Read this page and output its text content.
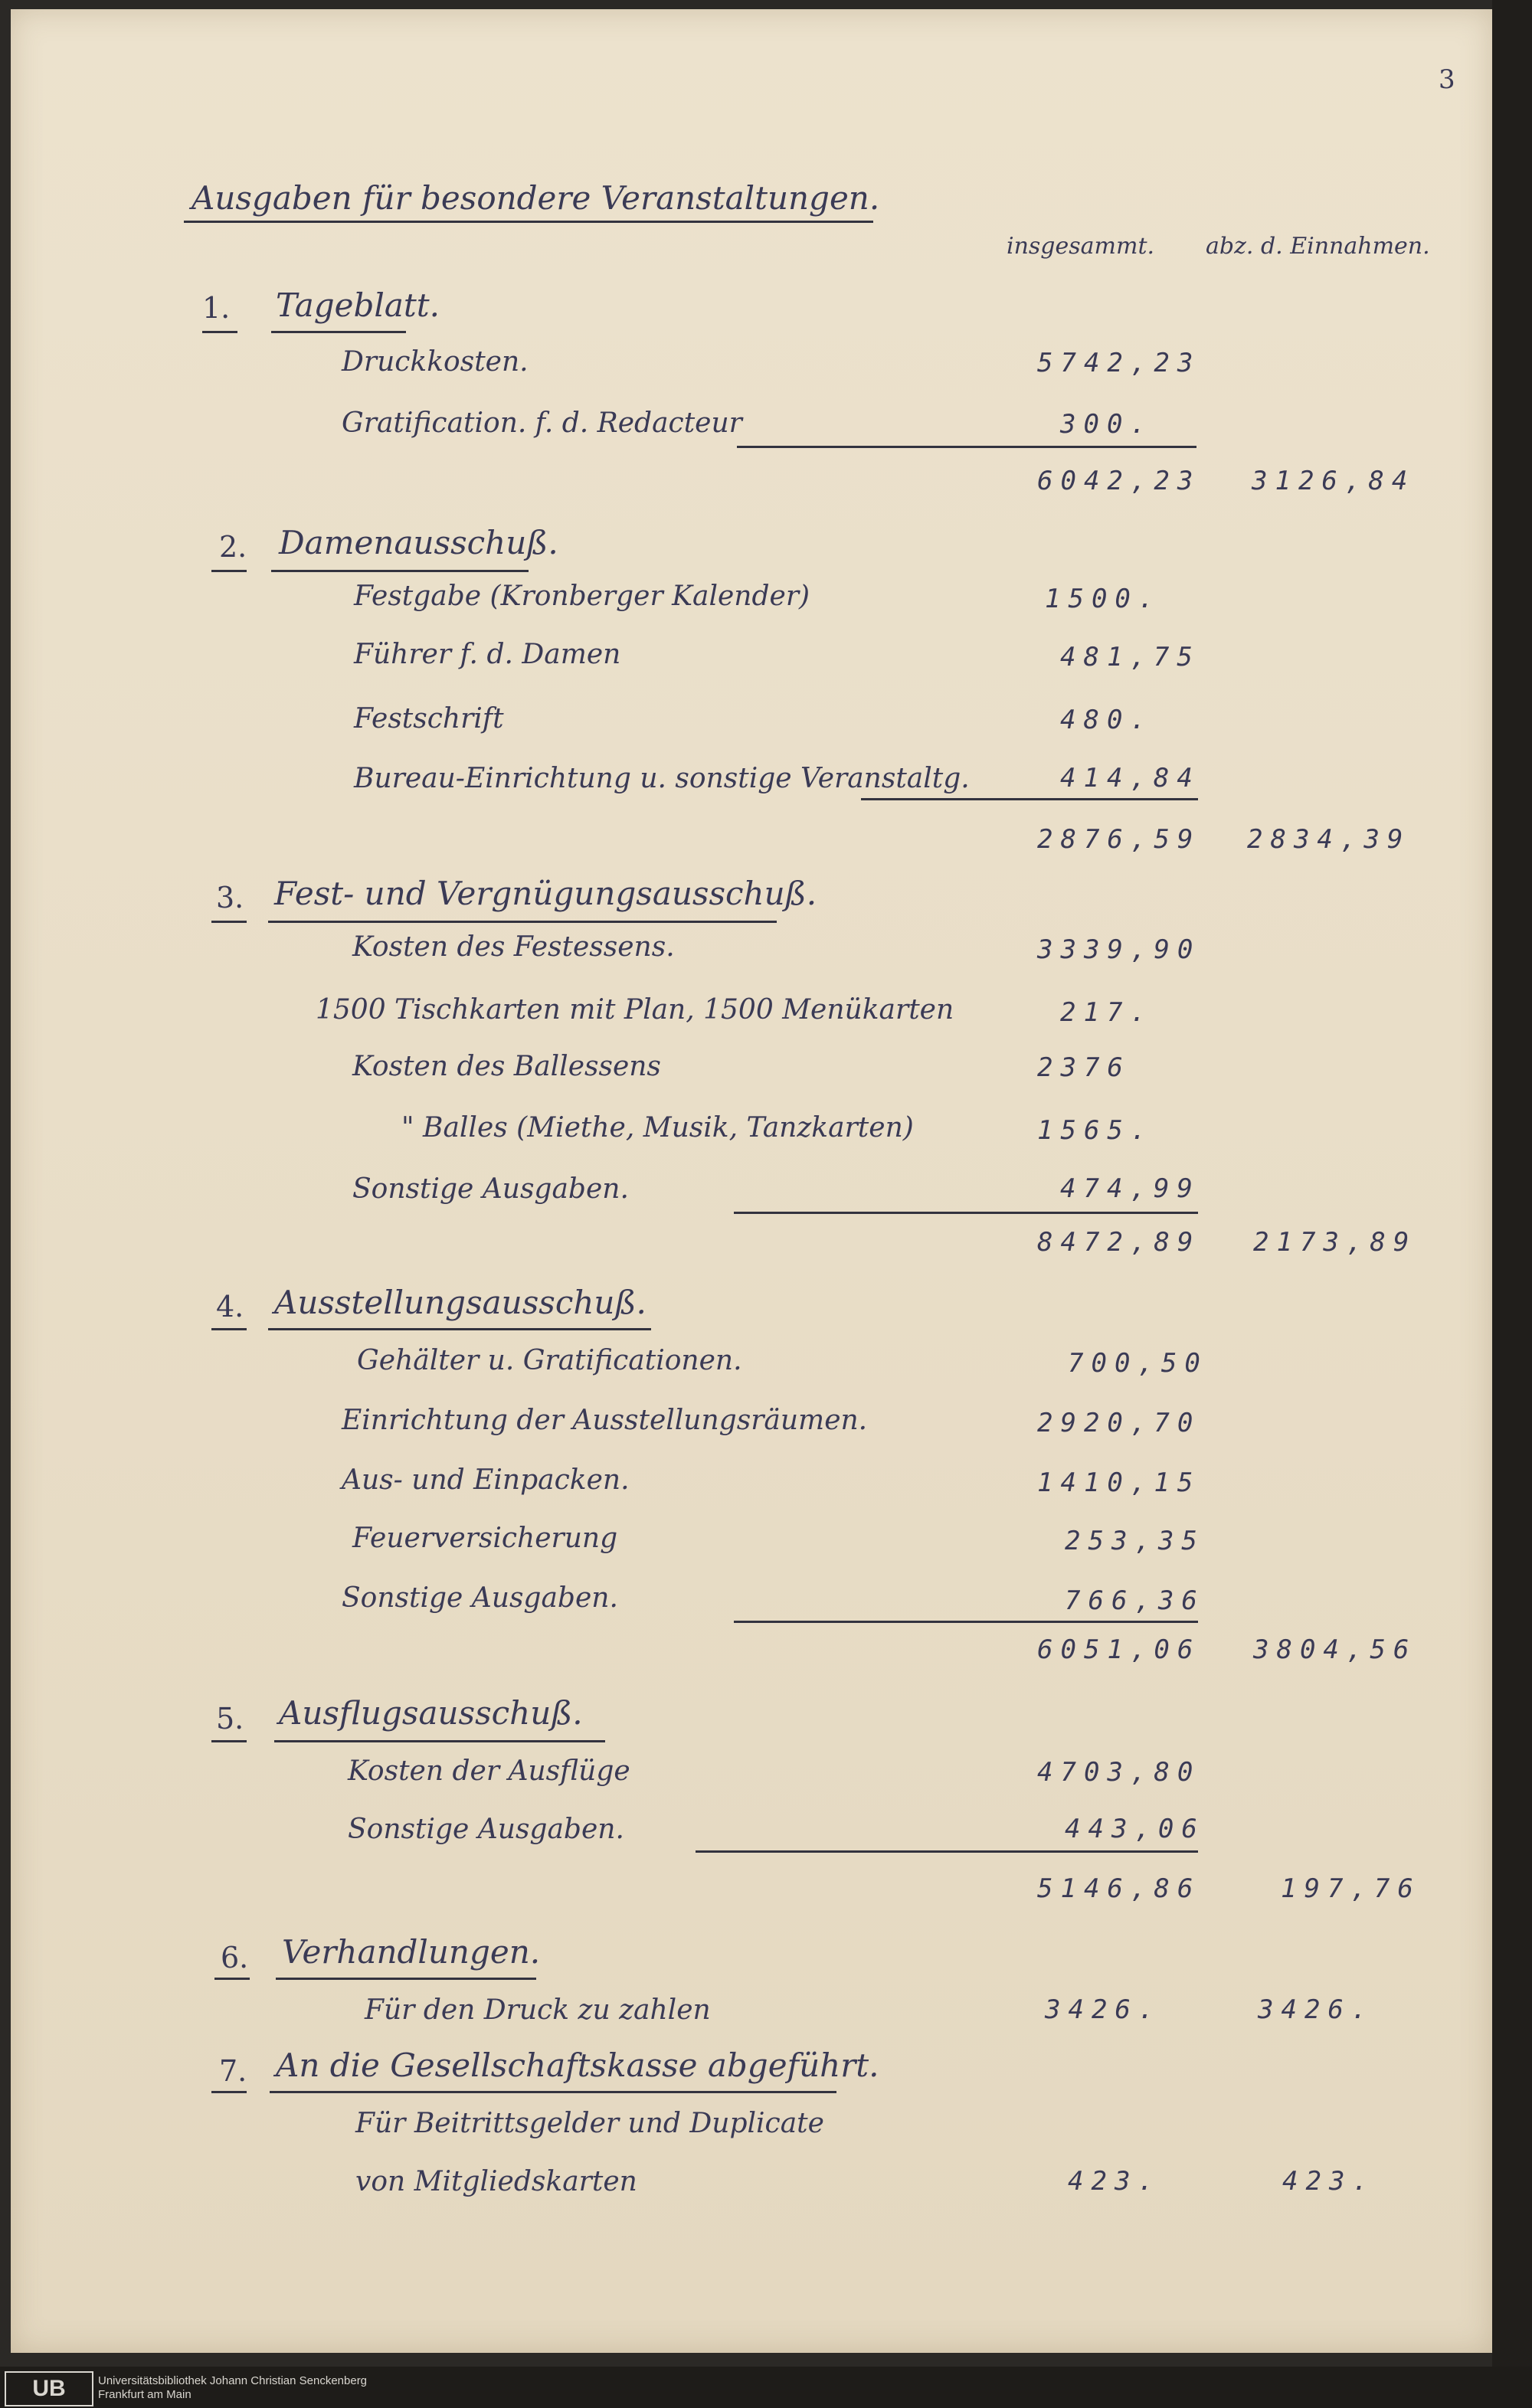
3
Ausgaben für besondere Veranstaltungen.
insgesammt. abz. d. Einnahmen.
1. Tageblatt.
Druckkosten.	5742,23
Gratification. f. d. Redacteur	300.
6042,23 3126,84
2. Damenausschuß.
Festgabe (Kronberger Kalender)	1500.
Führer f. d. Damen	481,75
Festschrift	480.
Bureau-Einrichtung u. sonstige Veranstaltg.	414,84
2876,59 2834,39
3. Fest- und Vergnügungsausschuß.
Kosten des Festessens.	3339,90
1500 Tischkarten mit Plan, 1500 Menükarten	217.
Kosten des Ballessens	2376
" Balles (Miethe, Musik, Tanzkarten)	1565.
Sonstige Ausgaben.	474,99
8472,89 2173,89
4. Ausstellungsausschuß.
Gehälter u. Gratificationen.	700,50
Einrichtung der Ausstellungsräumen.	2920,70
Aus- und Einpacken.	1410,15
Feuerversicherung	253,35
Sonstige Ausgaben.	766,36
6051,06 3804,56
5. Ausflugsausschuß.
Kosten der Ausflüge	4703,80
Sonstige Ausgaben.	443,06
5146,86	197,76
6. Verhandlungen.
Für den Druck zu zahlen	3426.	3426.
7. An die Gesellschaftskasse abgeführt.
Für Beitrittsgelder und Duplicate
von Mitgliedskarten	423.	423.
UB	Universitätsbibliothek Johann Christian Senckenberg
Frankfurt am Main
